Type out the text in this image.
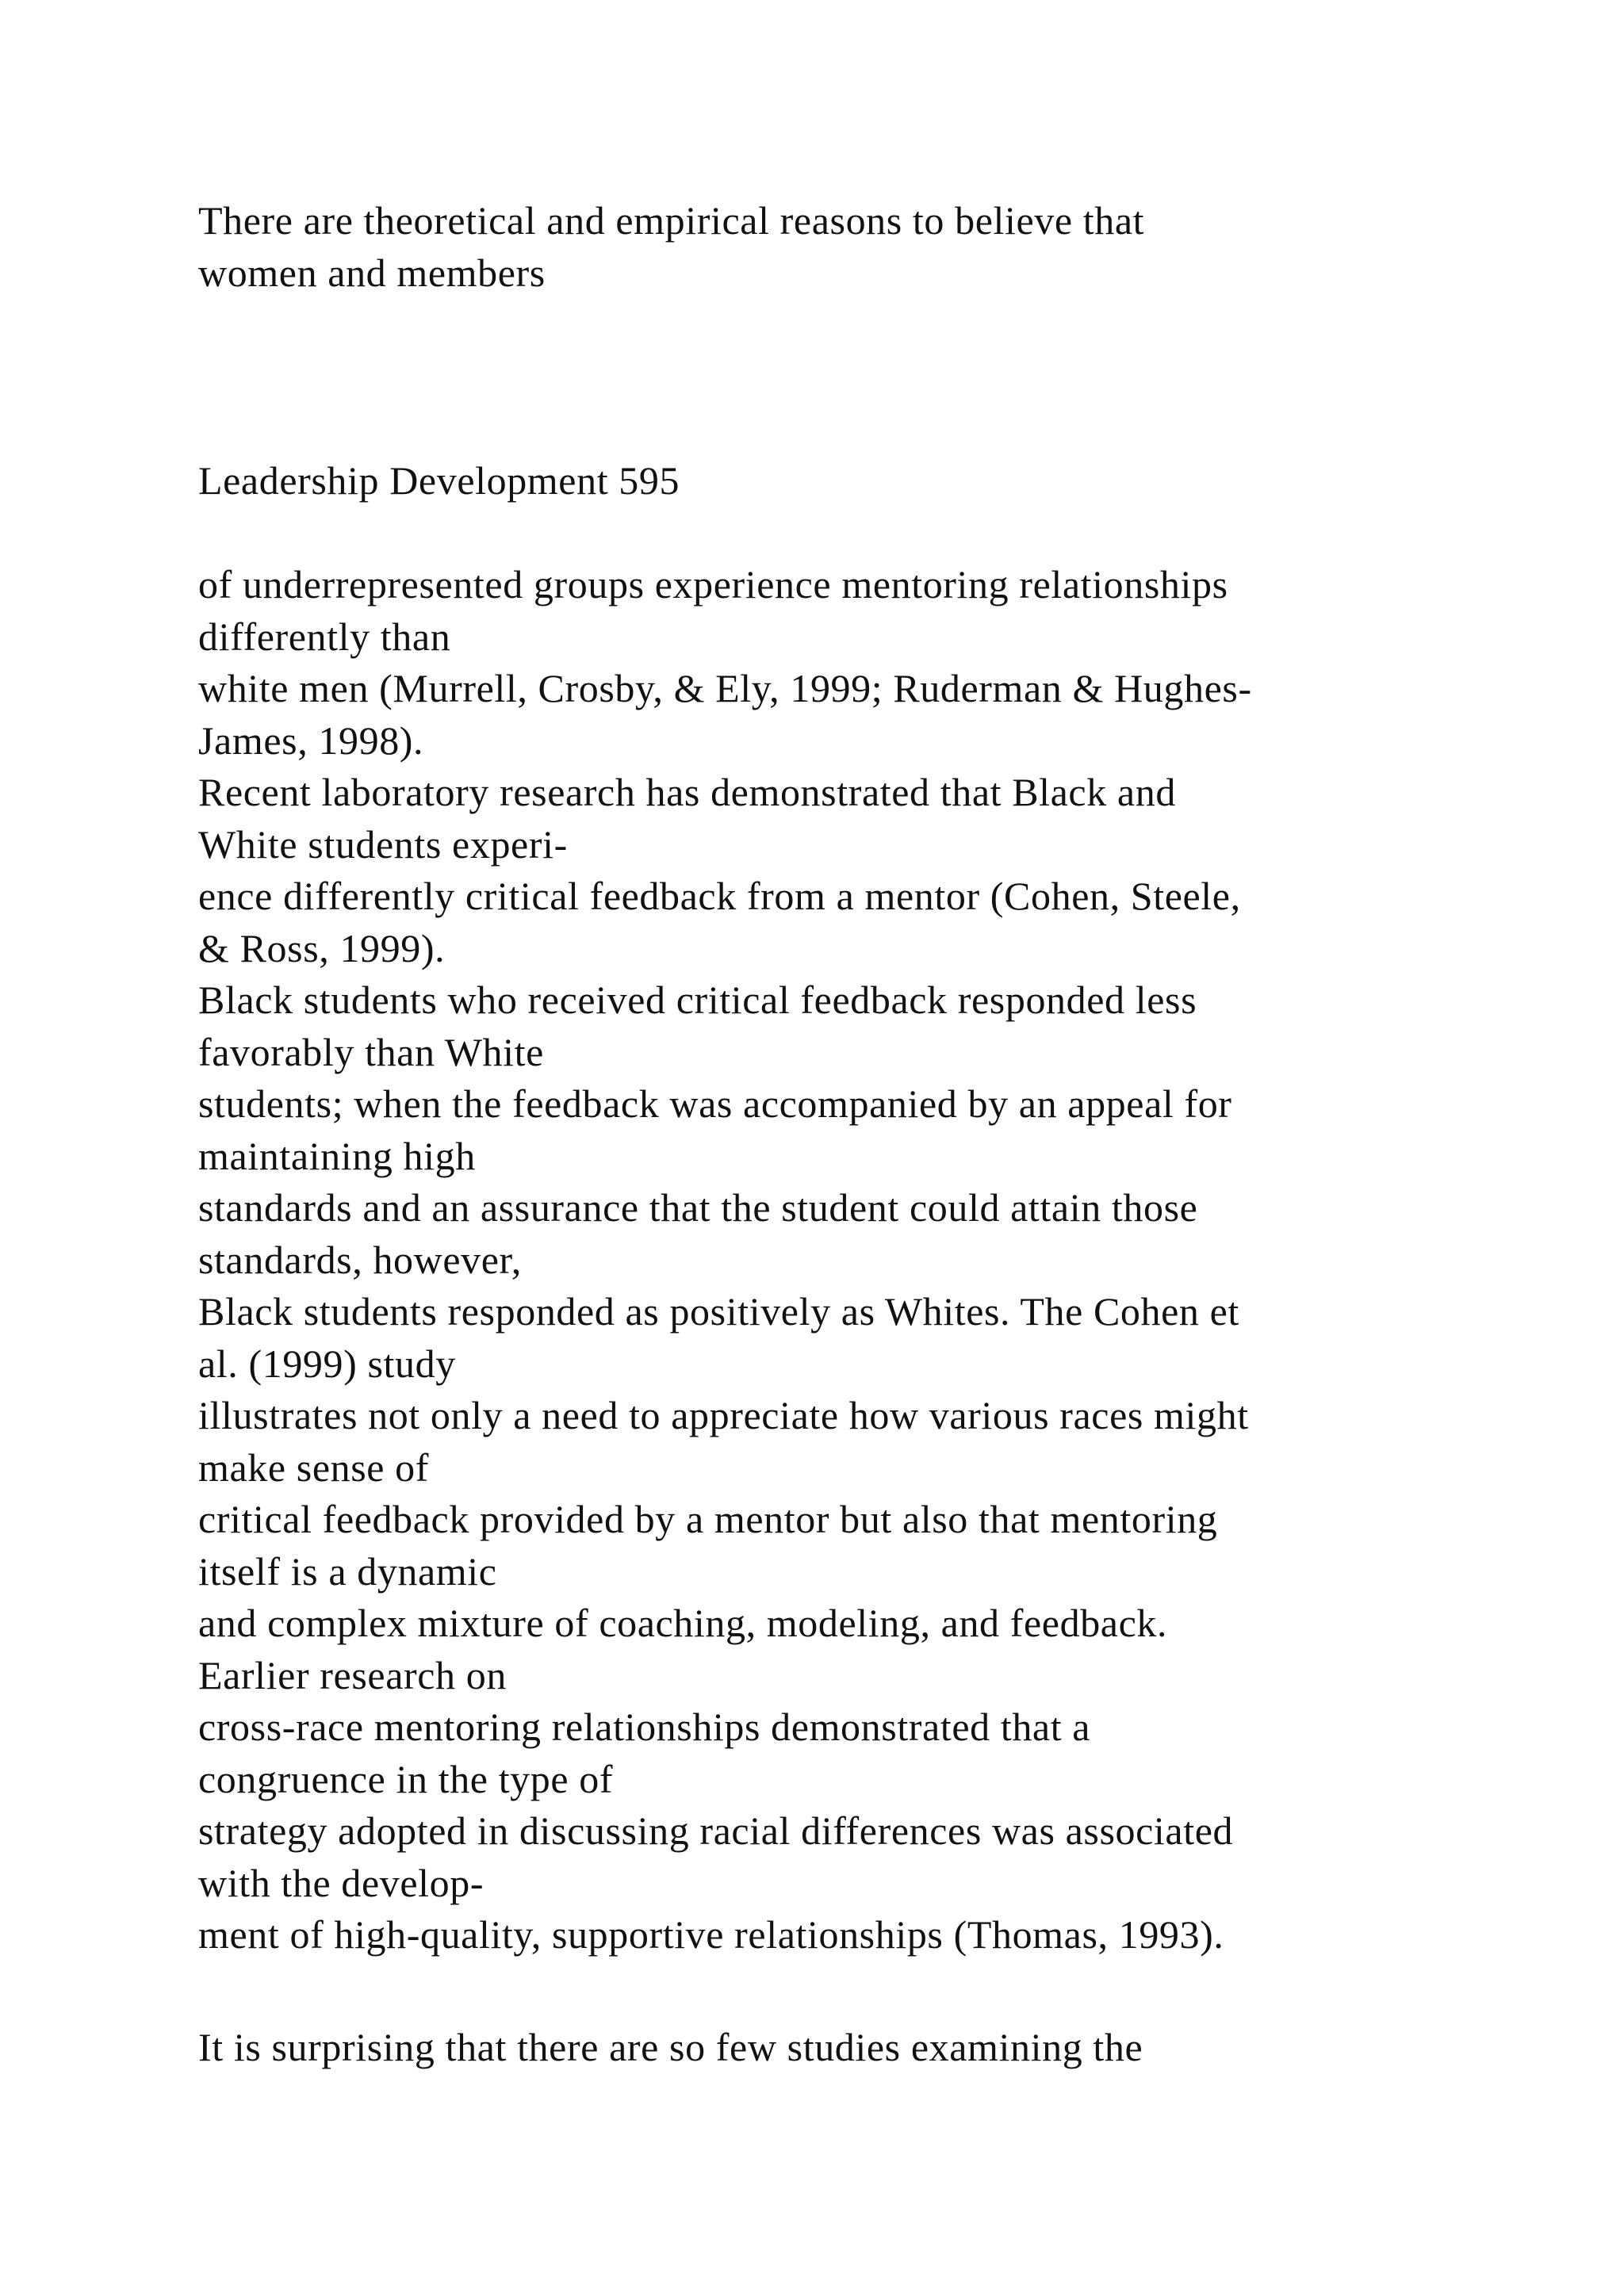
There are theoretical and empirical reasons to believe that
women and members
Leadership Development 595
of underrepresented groups experience mentoring relationships
differently than
white men (Murrell, Crosby, & Ely, 1999; Ruderman & Hughes-
James, 1998).
Recent laboratory research has demonstrated that Black and
White students experi-
ence differently critical feedback from a mentor (Cohen, Steele,
& Ross, 1999).
Black students who received critical feedback responded less
favorably than White
students; when the feedback was accompanied by an appeal for
maintaining high
standards and an assurance that the student could attain those
standards, however,
Black students responded as positively as Whites. The Cohen et
al. (1999) study
illustrates not only a need to appreciate how various races might
make sense of
critical feedback provided by a mentor but also that mentoring
itself is a dynamic
and complex mixture of coaching, modeling, and feedback.
Earlier research on
cross-race mentoring relationships demonstrated that a
congruence in the type of
strategy adopted in discussing racial differences was associated
with the develop-
ment of high-quality, supportive relationships (Thomas, 1993).
It is surprising that there are so few studies examining the
